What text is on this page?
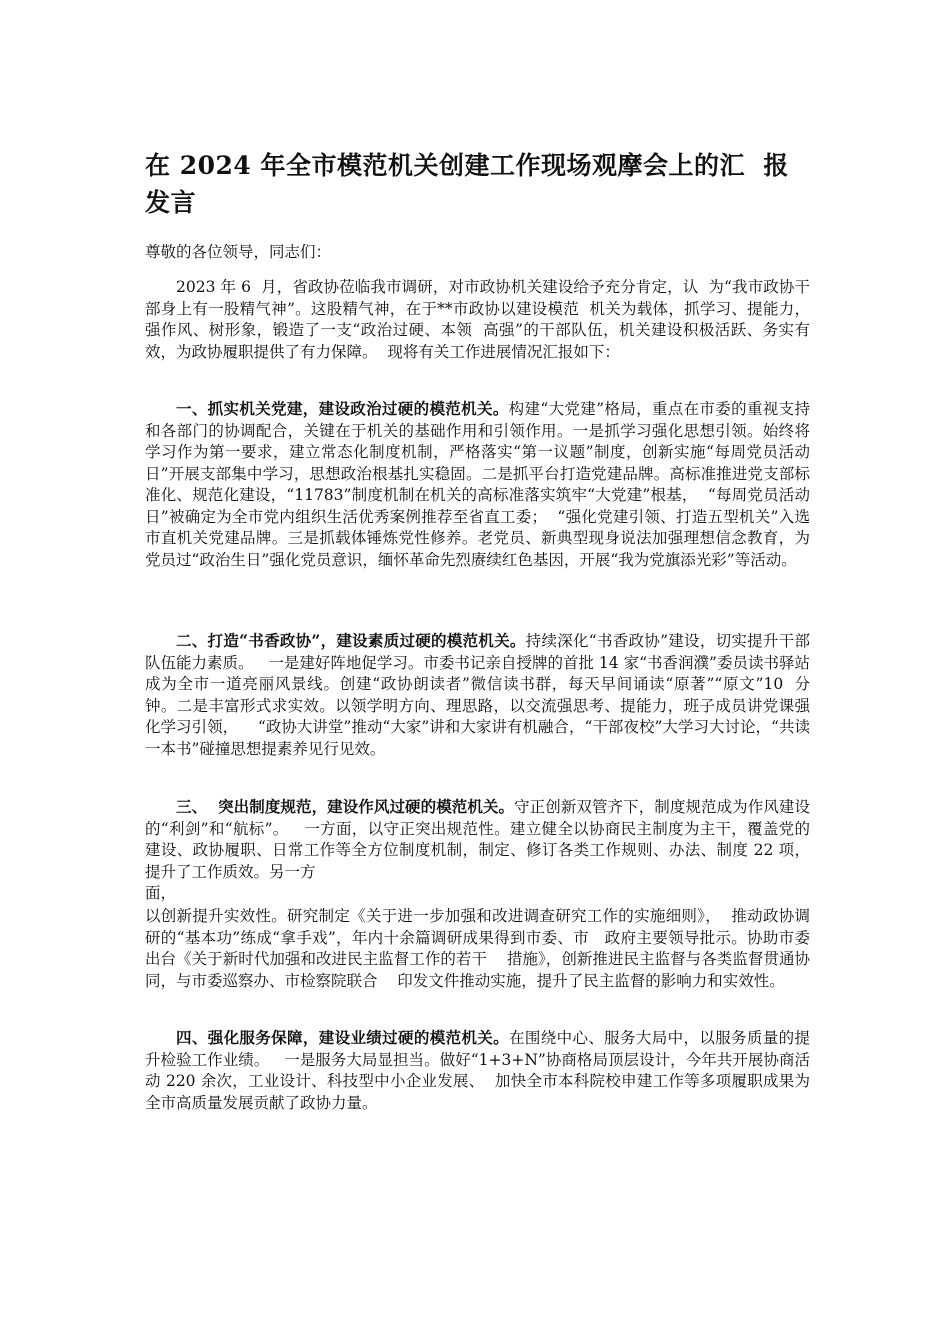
在 2024 年全市模范机关创建工作现场观摩会上的汇  报发言

尊敬的各位领导，同志们：

2023 年 6  月，省政协莅临我市调研，对市政协机关建设给予充分肯定，认  为“我市政协干部身上有一股精气神”。这股精气神，在于**市政协以建设模范  机关为载体，抓学习、提能力，强作风、树形象，锻造了一支“政治过硬、本领  高强”的干部队伍，机关建设积极活跃、务实有效，为政协履职提供了有力保障。  现将有关工作进展情况汇报如下：

一、抓实机关党建，建设政治过硬的模范机关。构建“大党建”格局，重点在市委的重视支持和各部门的协调配合，关键在于机关的基础作用和引领作用。一是抓学习强化思想引领。始终将学习作为第一要求，建立常态化制度机制，严格落实“第一议题”制度，创新实施“每周党员活动日”开展支部集中学习，思想政治根基扎实稳固。二是抓平台打造党建品牌。高标准推进党支部标准化、规范化建设，“11783”制度机制在机关的高标准落实筑牢“大党建”根基，  “每周党员活动日”被确定为全市党内组织生活优秀案例推荐至省直工委；  “强化党建引领、打造五型机关”入选市直机关党建品牌。三是抓载体锤炼党性修养。老党员、新典型现身说法加强理想信念教育，为党员过“政治生日”强化党员意识，缅怀革命先烈赓续红色基因，开展“我为党旗添光彩”等活动。

二、打造“书香政协”，建设素质过硬的模范机关。持续深化“书香政协”建设，切实提升干部队伍能力素质。   一是建好阵地促学习。市委书记亲自授牌的首批 14 家“书香润濮”委员读书驿站成为全市一道亮丽风景线。创建“政协朗读者”微信读书群，每天早间诵读“原著”“原文”10  分钟。二是丰富形式求实效。以领学明方向、理思路，以交流强思考、提能力，班子成员讲党课强化学习引领，    “政协大讲堂”推动“大家”讲和大家讲有机融合，“干部夜校”大学习大讨论，“共读一本书”碰撞思想提素养见行见效。

三、  突出制度规范，建设作风过硬的模范机关。守正创新双管齐下，制度规范成为作风建设的“利剑”和“航标”。   一方面，以守正突出规范性。建立健全以协商民主制度为主干，覆盖党的建设、政协履职、日常工作等全方位制度机制，制定、修订各类工作规则、办法、制度 22 项，提升了工作质效。另一方
面，

以创新提升实效性。研究制定《关于进一步加强和改进调查研究工作的实施细则》，  推动政协调研的“基本功”练成“拿手戏”，年内十余篇调研成果得到市委、市   政府主要领导批示。协助市委出台《关于新时代加强和改进民主监督工作的若干    措施》，创新推进民主监督与各类监督贯通协同，与市委巡察办、市检察院联合    印发文件推动实施，提升了民主监督的影响力和实效性。

四、强化服务保障，建设业绩过硬的模范机关。在围绕中心、服务大局中，以服务质量的提升检验工作业绩。   一是服务大局显担当。做好“1+3+N”协商格局顶层设计，今年共开展协商活动 220 余次，工业设计、科技型中小企业发展、  加快全市本科院校申建工作等多项履职成果为全市高质量发展贡献了政协力量。
